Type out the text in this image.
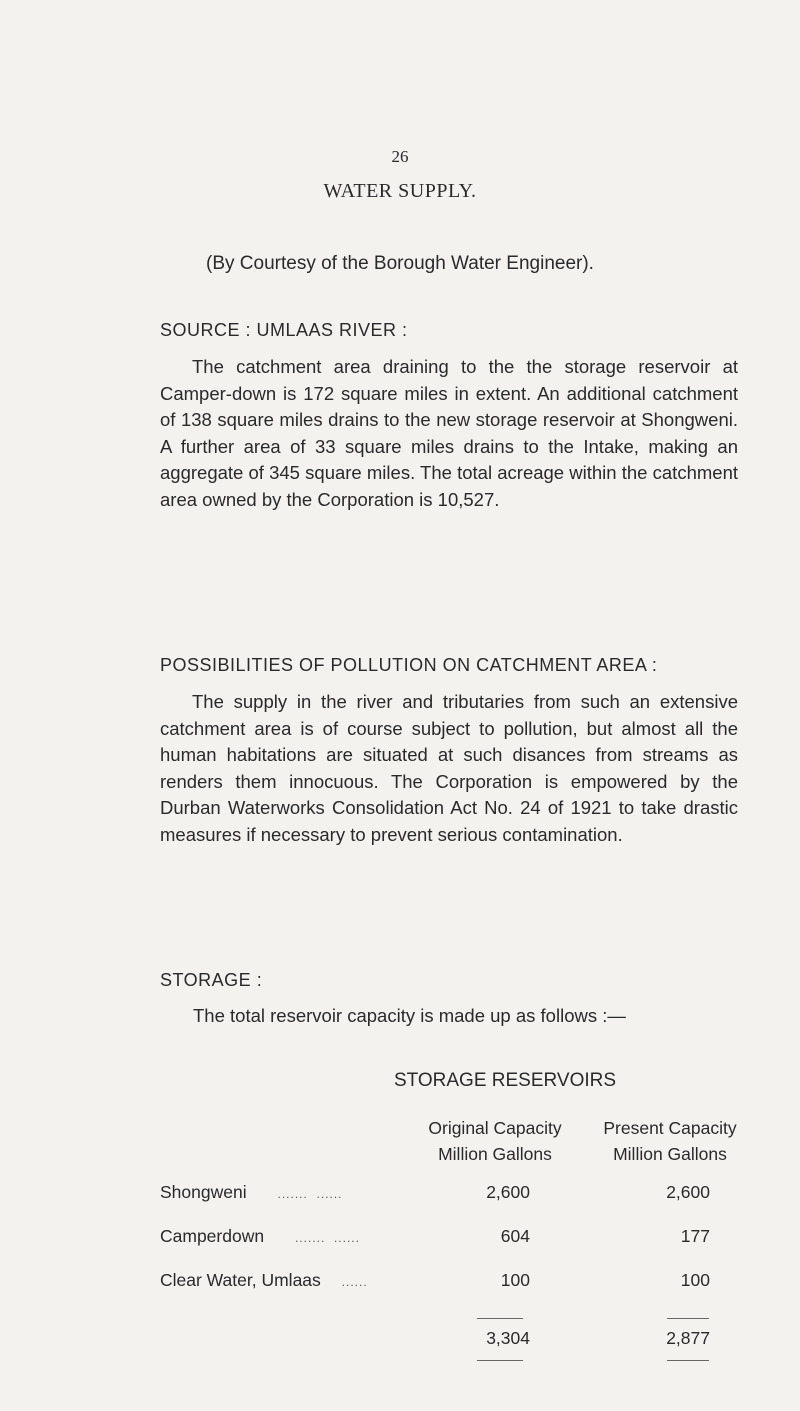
26
WATER SUPPLY.
(By Courtesy of the Borough Water Engineer).
SOURCE : UMLAAS RIVER :

The catchment area draining to the the storage reservoir at Camper-down is 172 square miles in extent. An additional catchment of 138 square miles drains to the new storage reservoir at Shongweni. A further area of 33 square miles drains to the Intake, making an aggregate of 345 square miles. The total acreage within the catchment area owned by the Corporation is 10,527.

POSSIBILITIES OF POLLUTION ON CATCHMENT AREA :

The supply in the river and tributaries from such an extensive catchment area is of course subject to pollution, but almost all the human habitations are situated at such disances from streams as renders them innocuous. The Corporation is empowered by the Durban Waterworks Consolidation Act No. 24 of 1921 to take drastic measures if necessary to prevent serious contamination.

STORAGE :
The total reservoir capacity is made up as follows :—
STORAGE RESERVOIRS
Original Capacity
Million Gallons
Present Capacity
Million Gallons
Shongweni	.......  ......	2,600	2,600
Camperdown	.......  ......	604	177
Clear Water, Umlaas ......	100	100
3,304	2,877
